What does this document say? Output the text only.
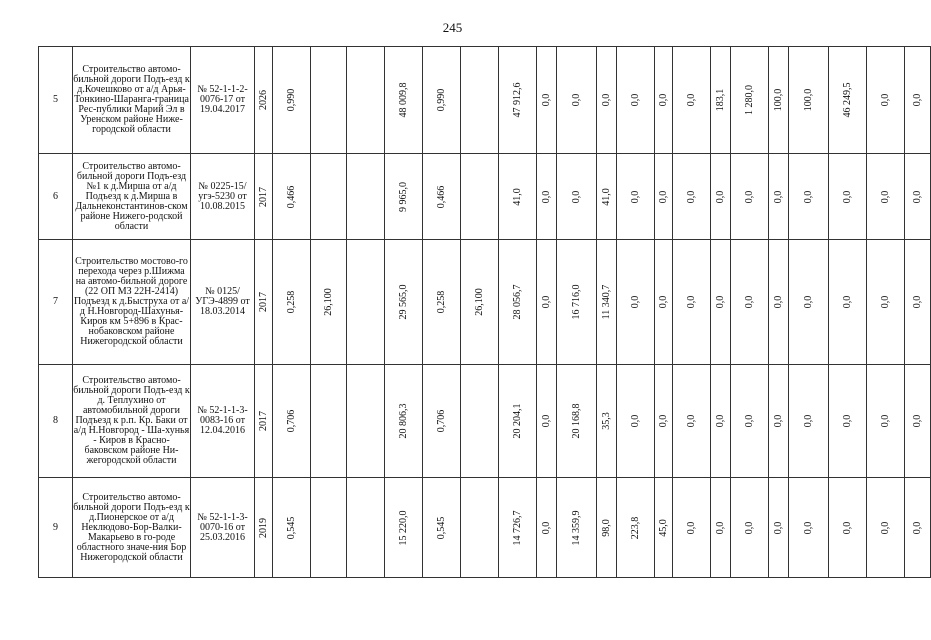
245
5	Строительство автомо-бильной дороги Подъ-езд к д.Кочешково от а/д Арья-Тонкино-Шаранга-граница Рес-публики Марий Эл в Уренском районе Ниже-городской области	№ 52-1-1-2-0076-17 от 19.04.2017	2026	0,990			48 009,8	0,990		47 912,6	0,0	0,0	0,0	0,0	0,0	0,0	183,1	1 280,0	100,0	100,0	46 249,5	0,0	0,0

6	Строительство автомо-бильной дороги Подъ-езд №1 к д.Мирша от а/д Подъезд к д.Мирша в Дальнеконстантинов-ском районе Нижего-родской области	№ 0225-15/угэ-5230 от 10.08.2015	2017	0,466			9 965,0	0,466		41,0	0,0	0,0	41,0	0,0	0,0	0,0	0,0	0,0	0,0	0,0	0,0	0,0	0,0

7	Строительство мостово-го перехода через р.Шижма на автомо-бильной дороге (22 ОП МЗ 22Н-2414) Подъезд к д.Быструха от а/д Н.Новгород-Шахунья-Киров км 5+896 в Крас-нобаковском районе Нижегородской области	№ 0125/УГЭ-4899 от 18.03.2014	2017	0,258	26,100		29 565,0	0,258	26,100	28 056,7	0,0	16 716,0	11 340,7	0,0	0,0	0,0	0,0	0,0	0,0	0,0	0,0	0,0	0,0

8	Строительство автомо-бильной дороги Подъ-езд к д. Теплухино от автомобильной дороги Подъезд к р.п. Кр. Баки от а/д Н.Новгород - Ша-хунья - Киров в Красно-баковском районе Ни-жегородской области	№ 52-1-1-3-0083-16 от 12.04.2016	2017	0,706			20 806,3	0,706		20 204,1	0,0	20 168,8	35,3	0,0	0,0	0,0	0,0	0,0	0,0	0,0	0,0	0,0	0,0

9	Строительство автомо-бильной дороги Подъ-езд к д.Пионерское от а/д Неклюдово-Бор-Валки-Макарьево в го-роде областного значе-ния Бор Нижегородской области	№ 52-1-1-3-0070-16 от 25.03.2016	2019	0,545			15 220,0	0,545		14 726,7	0,0	14 359,9	98,0	223,8	45,0	0,0	0,0	0,0	0,0	0,0	0,0	0,0	0,0
